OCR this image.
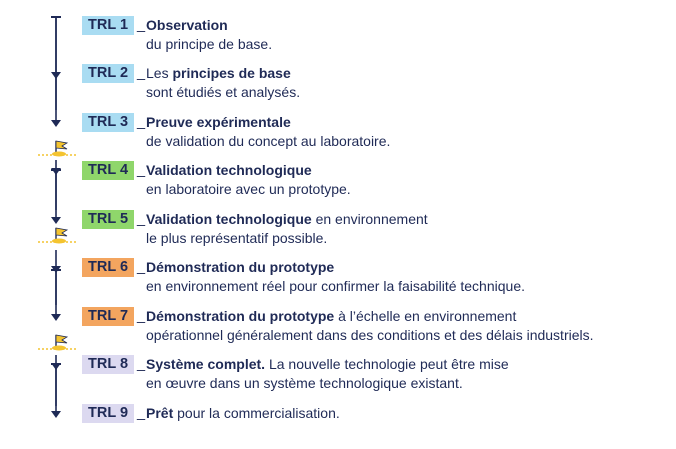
TRL 1 _ Observation
du principe de base.
TRL 2 _ Les principes de base
sont étudiés et analysés.
TRL 3 _ Preuve expérimentale
de validation du concept au laboratoire.
TRL 4 _ Validation technologique
en laboratoire avec un prototype.
TRL 5 _ Validation technologique en environnement
le plus représentatif possible.
TRL 6 _ Démonstration du prototype
en environnement réel pour confirmer la faisabilité technique.
TRL 7 _ Démonstration du prototype à l’échelle en environnement
opérationnel généralement dans des conditions et des délais industriels.
TRL 8 _ Système complet. La nouvelle technologie peut être mise
en œuvre dans un système technologique existant.
TRL 9 _ Prêt pour la commercialisation.
